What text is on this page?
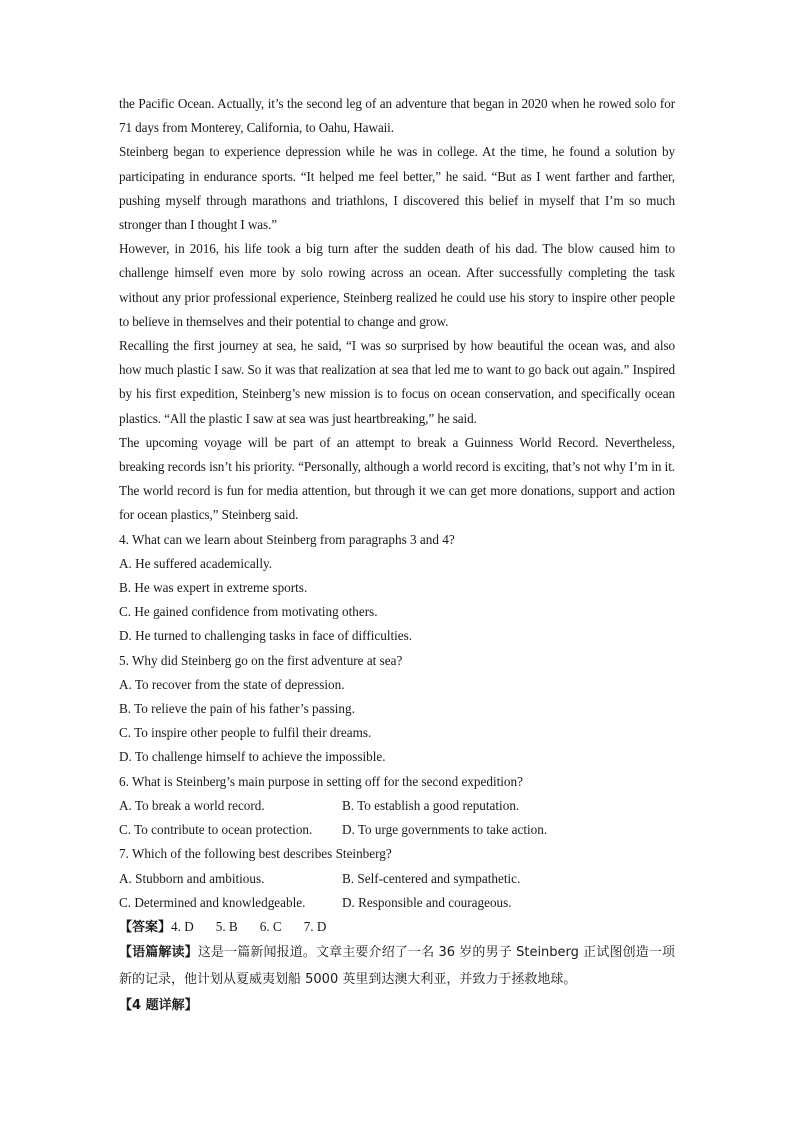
the Pacific Ocean. Actually, it’s the second leg of an adventure that began in 2020 when he rowed solo for 71 days from Monterey, California, to Oahu, Hawaii.

Steinberg began to experience depression while he was in college. At the time, he found a solution by participating in endurance sports. “It helped me feel better,” he said. “But as I went farther and farther, pushing myself through marathons and triathlons, I discovered this belief in myself that I’m so much stronger than I thought I was.”

However, in 2016, his life took a big turn after the sudden death of his dad. The blow caused him to challenge himself even more by solo rowing across an ocean. After successfully completing the task without any prior professional experience, Steinberg realized he could use his story to inspire other people to believe in themselves and their potential to change and grow.

Recalling the first journey at sea, he said, “I was so surprised by how beautiful the ocean was, and also how much plastic I saw. So it was that realization at sea that led me to want to go back out again.” Inspired by his first expedition, Steinberg’s new mission is to focus on ocean conservation, and specifically ocean plastics. “All the plastic I saw at sea was just heartbreaking,” he said.

The upcoming voyage will be part of an attempt to break a Guinness World Record. Nevertheless, breaking records isn’t his priority. “Personally, although a world record is exciting, that’s not why I’m in it. The world record is fun for media attention, but through it we can get more donations, support and action for ocean plastics,” Steinberg said.

4. What can we learn about Steinberg from paragraphs 3 and 4?

A. He suffered academically.

B. He was expert in extreme sports.

C. He gained confidence from motivating others.

D. He turned to challenging tasks in face of difficulties.

5. Why did Steinberg go on the first adventure at sea?

A. To recover from the state of depression.

B. To relieve the pain of his father’s passing.

C. To inspire other people to fulfil their dreams.

D. To challenge himself to achieve the impossible.

6. What is Steinberg’s main purpose in setting off for the second expedition?

A. To break a world record.	B. To establish a good reputation.
C. To contribute to ocean protection.	D. To urge governments to take action.

7. Which of the following best describes Steinberg?

A. Stubborn and ambitious.	B. Self-centered and sympathetic.
C. Determined and knowledgeable.	D. Responsible and courageous.
【答案】4. D 5. B 6. C 7. D

【语篇解读】这是一篇新闻报道。文章主要介绍了一名 36 岁的男子 Steinberg 正试图创造一项新的记录，他计划从夏威夷划船 5000 英里到达澳大利亚，并致力于拯救地球。

【4 题详解】
